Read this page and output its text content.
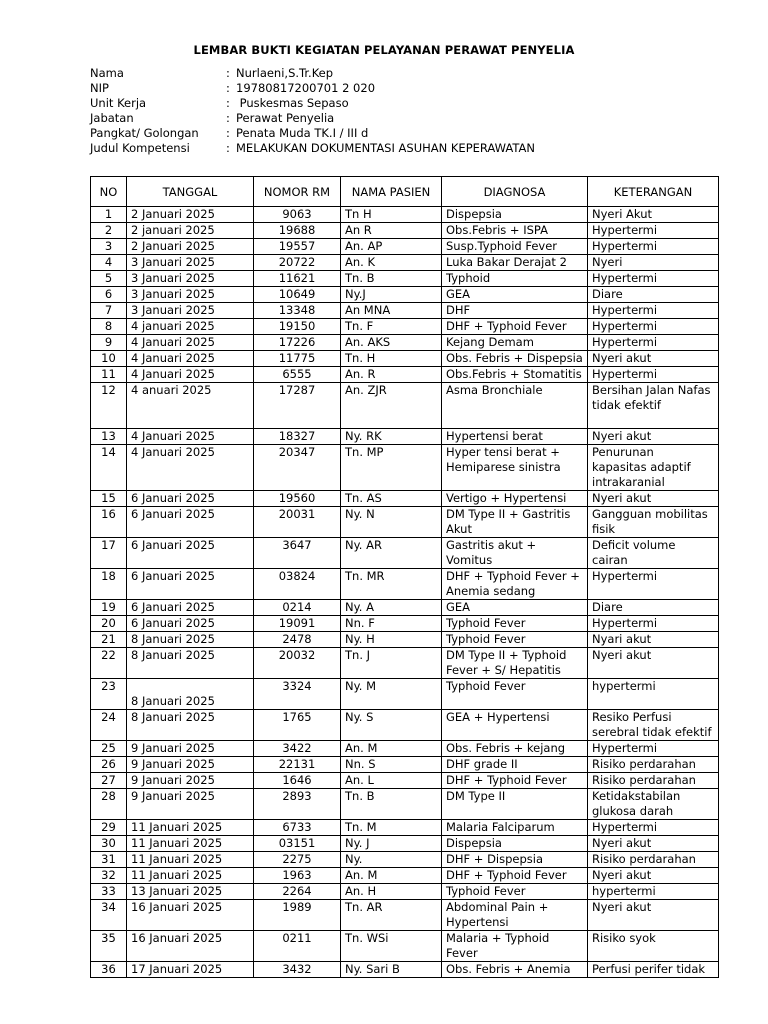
LEMBAR BUKTI KEGIATAN PELAYANAN PERAWAT PENYELIA
Nama	: Nurlaeni,S.Tr.Kep
NIP	: 19780817200701 2 020
Unit Kerja	: Puskesmas Sepaso
Jabatan	: Perawat Penyelia
Pangkat/ Golongan : Penata Muda TK.I / III d
Judul Kompetensi	: MELAKUKAN DOKUMENTASI ASUHAN KEPERAWATAN
NO	TANGGAL	NOMOR RM	NAMA PASIEN	DIAGNOSA	KETERANGAN
1	2 Januari 2025	9063	Tn H	Dispepsia	Nyeri Akut
2	2 januari 2025	19688	An R	Obs.Febris + ISPA	Hypertermi
3	2 Januari 2025	19557	An. AP	Susp.Typhoid Fever	Hypertermi
4	3 Januari 2025	20722	An. K	Luka Bakar Derajat 2	Nyeri
5	3 Januari 2025	11621	Tn. B	Typhoid	Hypertermi
6	3 Januari 2025	10649	Ny.J	GEA	Diare
7	3 Januari 2025	13348	An MNA	DHF	Hypertermi
8	4 januari 2025	19150	Tn. F	DHF + Typhoid Fever	Hypertermi
9	4 Januari 2025	17226	An. AKS	Kejang Demam	Hypertermi
10	4 Januari 2025	11775	Tn. H	Obs. Febris + Dispepsia	Nyeri akut
11	4 Januari 2025	6555	An. R	Obs.Febris + Stomatitis	Hypertermi
12	4 anuari 2025	17287	An. ZJR	Asma Bronchiale	Bersihan Jalan Nafas
tidak efektif
13	4 Januari 2025	18327	Ny. RK	Hypertensi berat	Nyeri akut
14	4 Januari 2025	20347	Tn. MP	Hyper tensi berat +
Hemiparese sinistra	Penurunan
kapasitas adaptif
intrakaranial
15	6 Januari 2025	19560	Tn. AS	Vertigo + Hypertensi	Nyeri akut
16	6 Januari 2025	20031	Ny. N	DM Type II + Gastritis
Akut	Gangguan mobilitas
fisik
17	6 Januari 2025	3647	Ny. AR	Gastritis akut +
Vomitus	Deficit volume
cairan
18	6 Januari 2025	03824	Tn. MR	DHF + Typhoid Fever +
Anemia sedang	Hypertermi
19	6 Januari 2025	0214	Ny. A	GEA	Diare
20	6 Januari 2025	19091	Nn. F	Typhoid Fever	Hypertermi
21	8 Januari 2025	2478	Ny. H	Typhoid Fever	Nyari akut
22	8 Januari 2025	20032	Tn. J	DM Type II + Typhoid
Fever + S/ Hepatitis	Nyeri akut
23	
8 Januari 2025	3324	Ny. M	Typhoid Fever	hypertermi
24	8 Januari 2025	1765	Ny. S	GEA + Hypertensi	Resiko Perfusi
serebral tidak efektif
25	9 Januari 2025	3422	An. M	Obs. Febris + kejang	Hypertermi
26	9 Januari 2025	22131	Nn. S	DHF grade II	Risiko perdarahan
27	9 Januari 2025	1646	An. L	DHF + Typhoid Fever	Risiko perdarahan
28	9 Januari 2025	2893	Tn. B	DM Type II	Ketidakstabilan
glukosa darah
29	11 Januari 2025	6733	Tn. M	Malaria Falciparum	Hypertermi
30	11 Januari 2025	03151	Ny. J	Dispepsia	Nyeri akut
31	11 Januari 2025	2275	Ny.	DHF + Dispepsia	Risiko perdarahan
32	11 Januari 2025	1963	An. M	DHF + Typhoid Fever	Nyeri akut
33	13 Januari 2025	2264	An. H	Typhoid Fever	hypertermi
34	16 Januari 2025	1989	Tn. AR	Abdominal Pain +
Hypertensi	Nyeri akut
35	16 Januari 2025	0211	Tn. WSi	Malaria + Typhoid
Fever	Risiko syok
36	17 Januari 2025	3432	Ny. Sari B	Obs. Febris + Anemia	Perfusi perifer tidak
